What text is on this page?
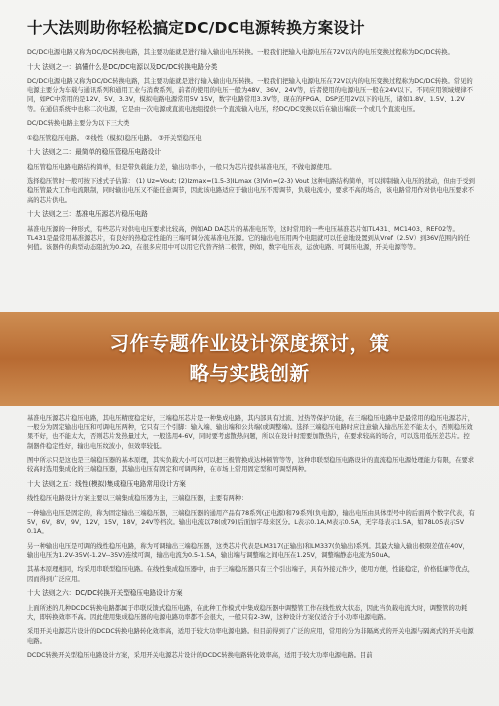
十大法则助你轻松搞定DC/DC电源转换方案设计
DC/DC电源电路又称为DC/DC转换电路，其主要功能就是进行输入输出电压转换。一般我们把输入电源电压在72V以内的电压变换过程称为DC/DC转换。
十大 法则之一：搞懂什么是DC/DC电源以及DC/DC转换电路分类
DC/DC电源电路又称为DC/DC转换电路，其主要功能就是进行输入输出电压转换。一般我们把输入电源电压在72V以内的电压变换过程称为DC/DC转换。常见的电源主要分为车载与通讯系列和通用工业与消费系列，前者的使用的电压一般为48V、36V、24V等，后者使用的电源电压一般在24V以下。不同应用领域规律不同，如PC中常用的是12V、5V、3.3V，模拟电路电源常用5V 15V，数字电路常用3.3V等，现在的FPGA、DSP还用2V以下的电压，诸如1.8V、1.5V、1.2V等。在通信系统中也称二次电源，它是由一次电源或直流电池组提供一个直流输入电压，经DC/DC变换以后在输出端获一个或几个直流电压。
DC/DC转换电路主要分为以下三大类
①稳压管稳压电路。 ②线性（模拟)稳压电路。 ③开关型稳压电
十大 法则之二：最简单的稳压管稳压电路设计
稳压管稳压电路电路结构简单，但是带负载能力差，输出功率小，一般只为芯片提供基准电压，不做电源使用。
选择稳压管时一般可按下述式子估算： (1) Uz=Vout; (2)Izmax=(1.5-3)ILmax (3)Vin=(2-3) Vout 这种电路结构简单，可以抑制输入电压的扰动，但由于受到稳压管最大工作电流限制，同时输出电压又不能任意调节，因此该电路适应于输出电压不需调节，负载电流小，要求不高的场合，该电路常用作对供电电压要求不高的芯片供电。
十大 法则之三：基准电压源芯片稳压电路
基准电压源的一种形式，有些芯片对供电电压要求比较高，例如AD DA芯片的基准电压等，这时常用的一些电压基准芯片如TL431、MC1403、REF02等。TL431是最常用基准源芯片，有良好的热稳定性能的三端可调分流基准电压源。它的输出电压用两个电阻就可以任意地设置到从Vref（2.5V）到36V范围内的任何值。该器件的典型动态阻抗为0.2Ω，在很多应用中可以用它代替齐纳二极管，例如，数字电压表，运放电路、可调压电源，开关电源等等。
基准电压源芯片稳压电路，其电压精度稳定好，三端稳压芯片是一种集成电路，其内部具有过流、过热等保护功能，在三端稳压电路中是最常用的稳压电源芯片，一般分为固定输出电压和可调电压两种，它只有三个引脚：输入端、输出端和公共端(或调整端)。选择三端稳压电路时应注意输入输出压差不能太小，否则稳压效果不好，也不能太大，否则芯片发热量过大，一般选用4-6V，同时要考虑散热问题，所以在设计时需要加散热片，在要求较高的场合，可以选用低压差芯片。控制器件稳定性好，输出电压纹波小，但效率较低。
图中所示只是这也是三端稳压器的基本原理，其实负载大小可以可以把三极管换成达林顿管等等，这种串联型稳压电路设计的直流稳压电源处理能力有限，在要求较高时选用集成化的三端稳压器，其输出电压有固定和可调两种，在市场上常用固定型和可调型两种。
十大 法则之五：线性(模拟)集成稳压电路常用设计方案
线性稳压电路设计方案主要以三端集成稳压器为主，三端稳压器，主要有两种：
一种输出电压是固定的，称为固定输出三端稳压器，三端稳压器的通用产品有78系列(正电源)和79系列(负电源)，输出电压由具体型号中的后面两个数字代表，有5V，6V，8V，9V，12V，15V，18V，24V等档次。输出电流以78(或79)后面加字母来区分。L表示0.1A,M表示0.5A，无字母表示1.5A，如78L05表示5V 0.1A。
另一种输出电压是可调的线性稳压电路，称为可调输出三端稳压器，这类芯片代表是LM317(正输出)和LM337(负输出)系列。其最大输入输出极限差值在40V，输出电压为1.2V-35V(-1.2V--35V)连续可调，输出电流为0.5-1.5A，输出端与调整端之间电压在1.25V，调整端静态电流为50uA。
其基本原理相同，均采用串联型稳压电路。在线性集成稳压器中，由于三端稳压器只有三个引出端子，具有外接元件少，使用方便，性能稳定，价格低廉等优点，因而得到广泛应用。
十大 法则之六：DC/DC转换开关型稳压电路设计方案
上面所述的几种DCDC转换电路都属于串联反馈式稳压电路，在此种工作模式中集成稳压器中调整管工作在线性放大状态，因此当负载电流大时，调整管的功耗大，即转换效率不高。因此使用集成稳压器的电源电路功率都不会很大，一般只有2-3W，这种设计方案仅适合于小功率电源电路。
采用开关电源芯片设计的DCDC转换电路转化效率高，适用于较大功率电源电路。但目前得到了广泛的应用，常用的分为非隔离式的开关电源与隔离式的开关电源电路。
DCDC转换开关型稳压电路设计方案，采用开关电源芯片设计的DCDC转换电路转化效率高，适用于较大功率电源电路。目前
习作专题作业设计深度探讨，策
略与实践创新
